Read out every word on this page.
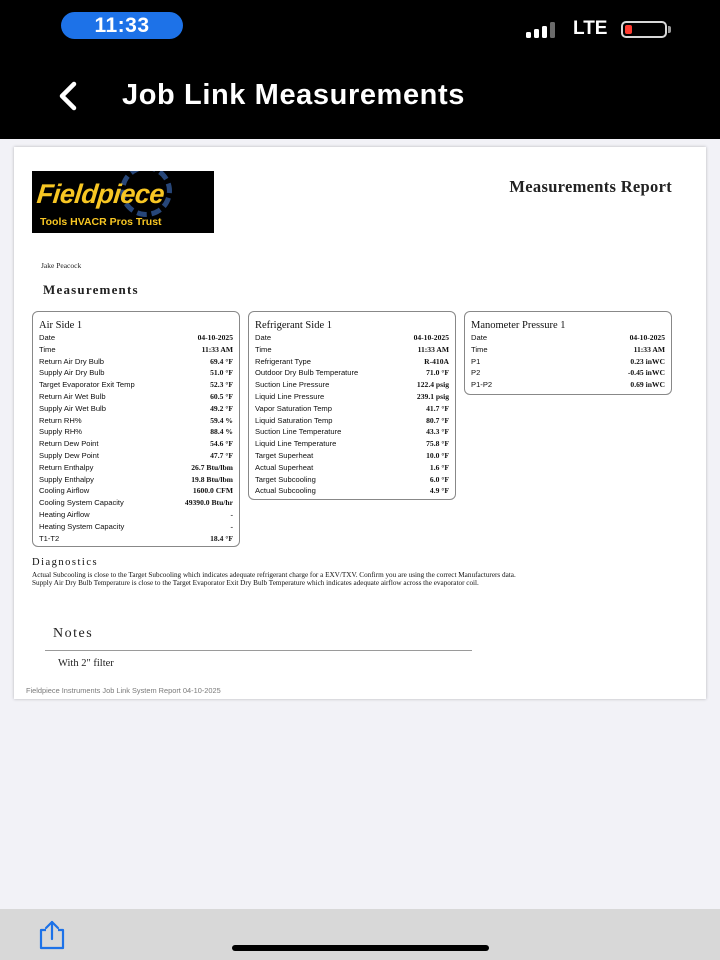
11:33	LTE
Job Link Measurements
Fieldpiece
Tools HVACR Pros Trust
Measurements Report
Jake Peacock
Measurements
Air Side 1
Date	04-10-2025
Time	11:33 AM
Return Air Dry Bulb	69.4 °F
Supply Air Dry Bulb	51.0 °F
Target Evaporator Exit Temp	52.3 °F
Return Air Wet Bulb	60.5 °F
Supply Air Wet Bulb	49.2 °F
Return RH%	59.4 %
Supply RH%	88.4 %
Return Dew Point	54.6 °F
Supply Dew Point	47.7 °F
Return Enthalpy	26.7 Btu/lbm
Supply Enthalpy	19.8 Btu/lbm
Cooling Airflow	1600.0 CFM
Cooling System Capacity	49390.0 Btu/hr
Heating Airflow	-
Heating System Capacity	-
T1-T2	18.4 °F
Refrigerant Side 1
Date	04-10-2025
Time	11:33 AM
Refrigerant Type	R-410A
Outdoor Dry Bulb Temperature	71.0 °F
Suction Line Pressure	122.4 psig
Liquid Line Pressure	239.1 psig
Vapor Saturation Temp	41.7 °F
Liquid Saturation Temp	80.7 °F
Suction Line Temperature	43.3 °F
Liquid Line Temperature	75.8 °F
Target Superheat	10.0 °F
Actual Superheat	1.6 °F
Target Subcooling	6.0 °F
Actual Subcooling	4.9 °F
Manometer Pressure 1
Date	04-10-2025
Time	11:33 AM
P1	0.23 inWC
P2	-0.45 inWC
P1-P2	0.69 inWC
Diagnostics
Actual Subcooling is close to the Target Subcooling which indicates adequate refrigerant charge for a EXV/TXV. Confirm you are using the correct Manufacturers data.
Supply Air Dry Bulb Temperature is close to the Target Evaporator Exit Dry Bulb Temperature which indicates adequate airflow across the evaporator coil.
Notes
With 2" filter
Fieldpiece Instruments Job Link System Report 04-10-2025
